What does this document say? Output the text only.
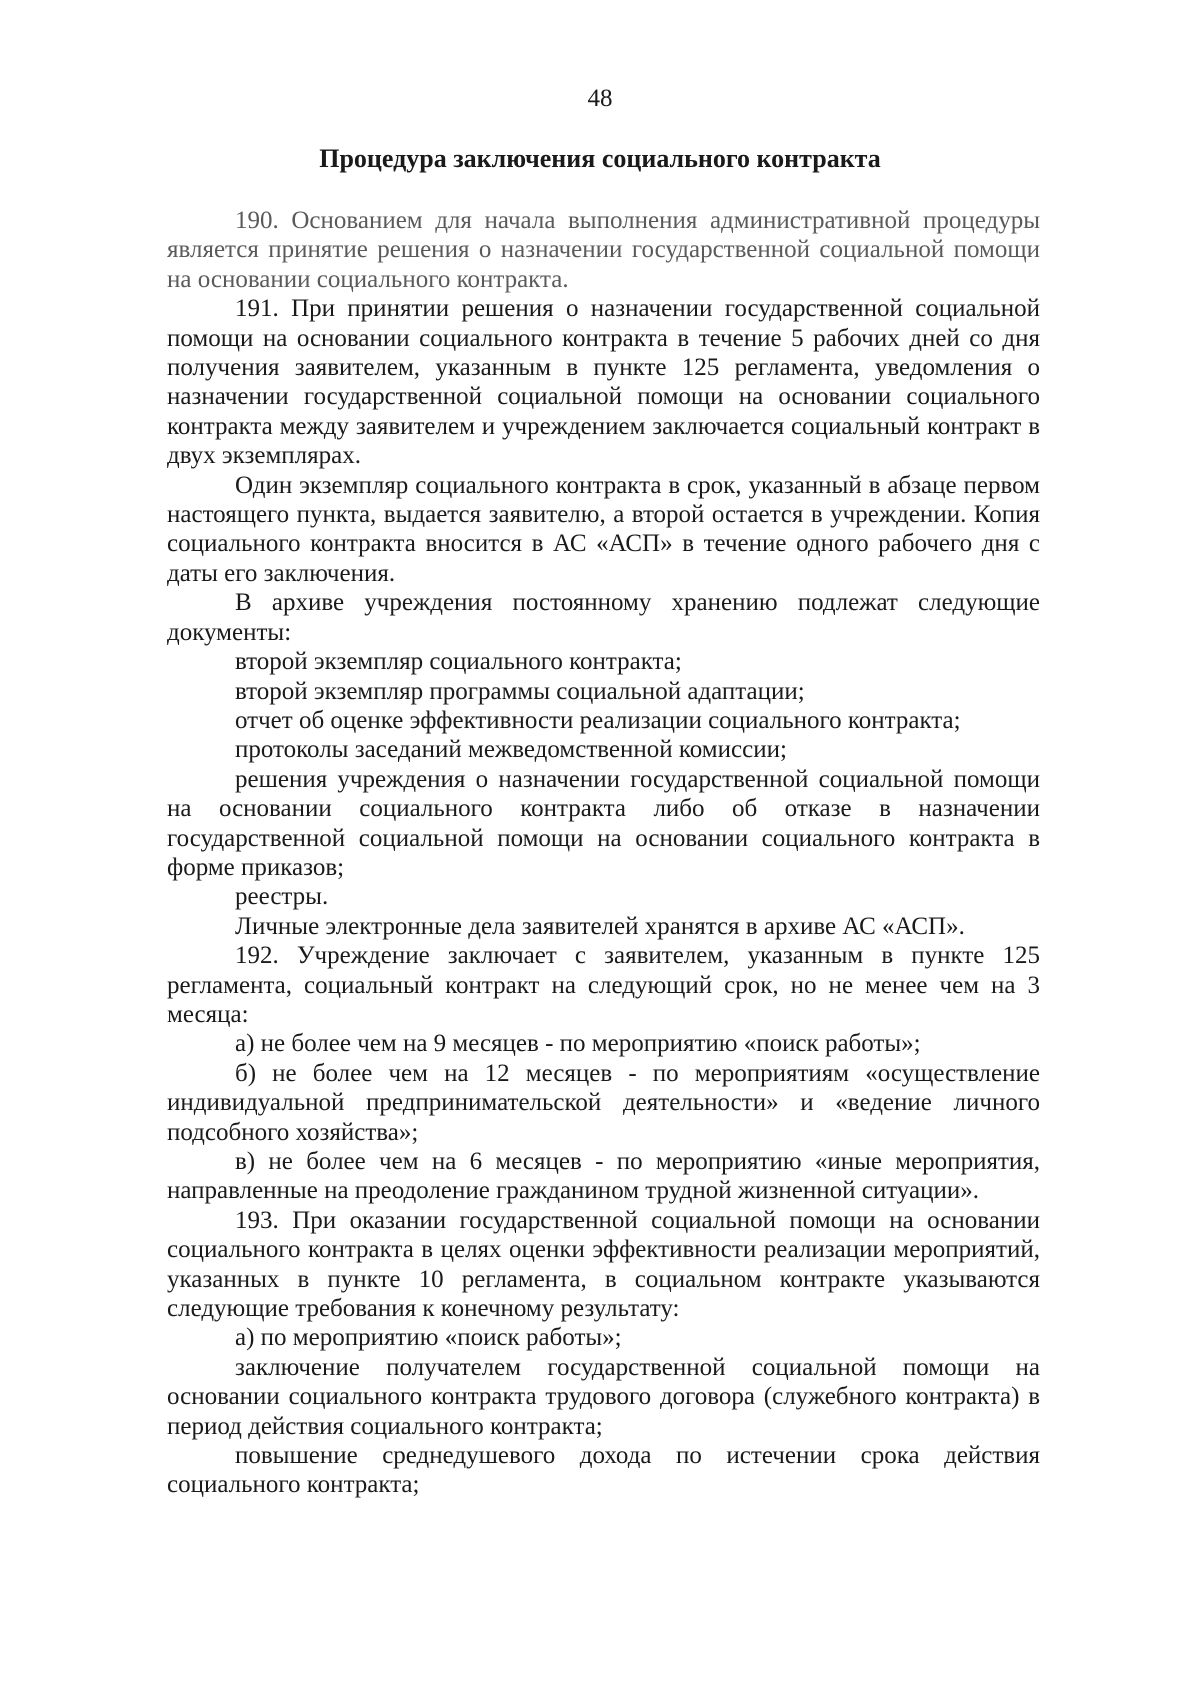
48
Процедура заключения социального контракта

190. Основанием для начала выполнения административной процедуры является принятие решения о назначении государственной социальной помощи на основании социального контракта.

191. При принятии решения о назначении государственной социальной помощи на основании социального контракта в течение 5 рабочих дней со дня получения заявителем, указанным в пункте 125 регламента, уведомления о назначении государственной социальной помощи на основании социального контракта между заявителем и учреждением заключается социальный контракт в двух экземплярах.

Один экземпляр социального контракта в срок, указанный в абзаце первом настоящего пункта, выдается заявителю, а второй остается в учреждении. Копия социального контракта вносится в АС «АСП» в течение одного рабочего дня с даты его заключения.

В архиве учреждения постоянному хранению подлежат следующие документы:

второй экземпляр социального контракта;

второй экземпляр программы социальной адаптации;

отчет об оценке эффективности реализации социального контракта;

протоколы заседаний межведомственной комиссии;

решения учреждения о назначении государственной социальной помощи на основании социального контракта либо об отказе в назначении государственной социальной помощи на основании социального контракта в форме приказов;

реестры.

Личные электронные дела заявителей хранятся в архиве АС «АСП».

192. Учреждение заключает с заявителем, указанным в пункте 125 регламента, социальный контракт на следующий срок, но не менее чем на 3 месяца:

а) не более чем на 9 месяцев - по мероприятию «поиск работы»;

б) не более чем на 12 месяцев - по мероприятиям «осуществление индивидуальной предпринимательской деятельности» и «ведение личного подсобного хозяйства»;

в) не более чем на 6 месяцев - по мероприятию «иные мероприятия, направленные на преодоление гражданином трудной жизненной ситуации».

193. При оказании государственной социальной помощи на основании социального контракта в целях оценки эффективности реализации мероприятий, указанных в пункте 10 регламента, в социальном контракте указываются следующие требования к конечному результату:

а) по мероприятию «поиск работы»;

заключение получателем государственной социальной помощи на основании социального контракта трудового договора (служебного контракта) в период действия социального контракта;

повышение среднедушевого дохода по истечении срока действия социального контракта;
